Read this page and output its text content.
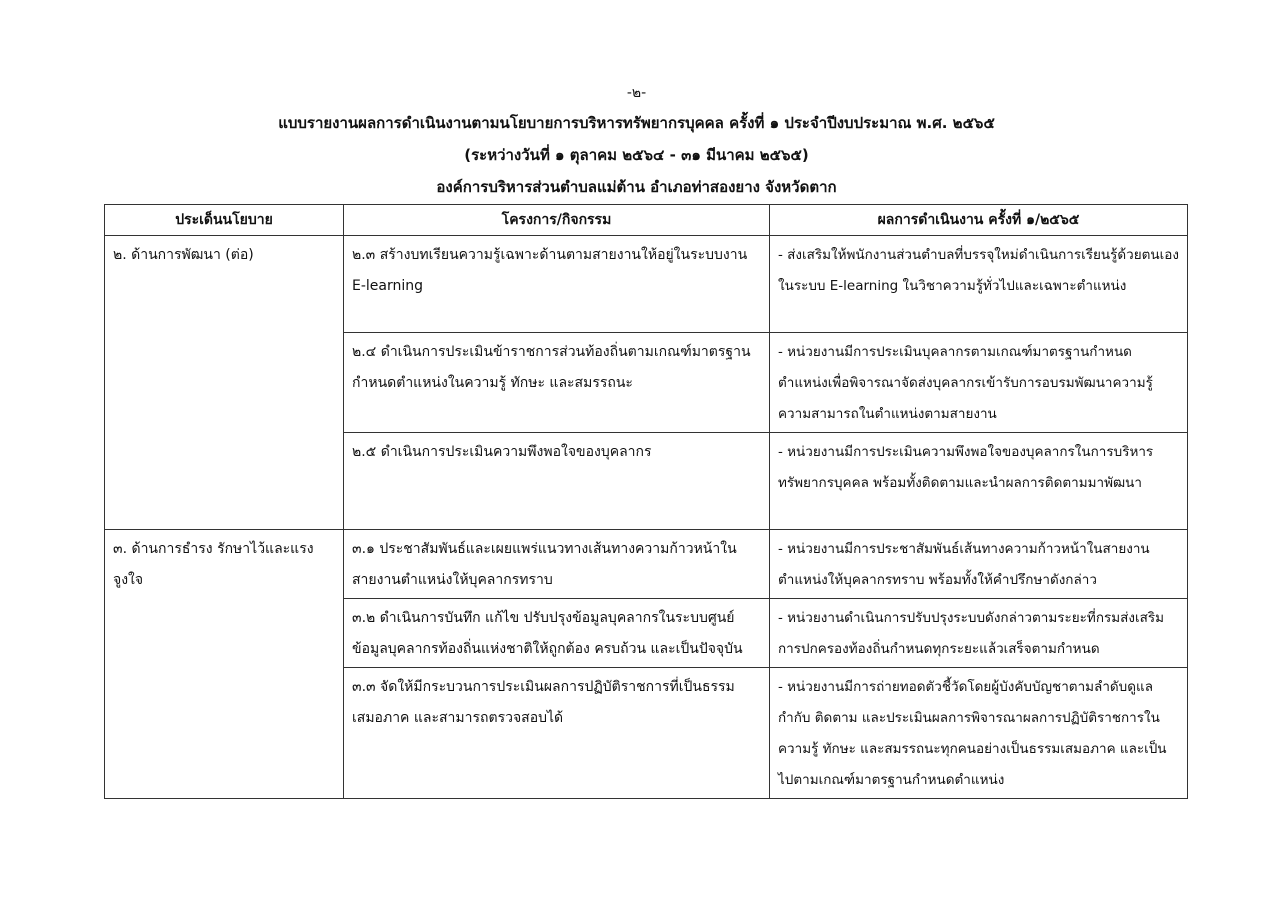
-๒-
แบบรายงานผลการดำเนินงานตามนโยบายการบริหารทรัพยากรบุคคล ครั้งที่ ๑ ประจำปีงบประมาณ พ.ศ. ๒๕๖๕
(ระหว่างวันที่ ๑ ตุลาคม ๒๕๖๔ - ๓๑ มีนาคม ๒๕๖๕)
องค์การบริหารส่วนตำบลแม่ต้าน อำเภอท่าสองยาง จังหวัดตาก
ประเด็นนโยบาย	โครงการ/กิจกรรม	ผลการดำเนินงาน ครั้งที่ ๑/๒๕๖๕
๒. ด้านการพัฒนา (ต่อ)	๒.๓ สร้างบทเรียนความรู้เฉพาะด้านตามสายงานให้อยู่ในระบบงาน E-learning	- ส่งเสริมให้พนักงานส่วนตำบลที่บรรจุใหม่ดำเนินการเรียนรู้ด้วยตนเองในระบบ E-learning ในวิชาความรู้ทั่วไปและเฉพาะตำแหน่ง
	๒.๔ ดำเนินการประเมินข้าราชการส่วนท้องถิ่นตามเกณฑ์มาตรฐานกำหนดตำแหน่งในความรู้ ทักษะ และสมรรถนะ	- หน่วยงานมีการประเมินบุคลากรตามเกณฑ์มาตรฐานกำหนดตำแหน่งเพื่อพิจารณาจัดส่งบุคลากรเข้ารับการอบรมพัฒนาความรู้ความสามารถในตำแหน่งตามสายงาน
	๒.๕ ดำเนินการประเมินความพึงพอใจของบุคลากร	- หน่วยงานมีการประเมินความพึงพอใจของบุคลากรในการบริหารทรัพยากรบุคคล พร้อมทั้งติดตามและนำผลการติดตามมาพัฒนา
๓. ด้านการธำรง รักษาไว้และแรงจูงใจ	๓.๑ ประชาสัมพันธ์และเผยแพร่แนวทางเส้นทางความก้าวหน้าในสายงานตำแหน่งให้บุคลากรทราบ	- หน่วยงานมีการประชาสัมพันธ์เส้นทางความก้าวหน้าในสายงานตำแหน่งให้บุคลากรทราบ พร้อมทั้งให้คำปรึกษาดังกล่าว
	๓.๒ ดำเนินการบันทึก แก้ไข ปรับปรุงข้อมูลบุคลากรในระบบศูนย์ข้อมูลบุคลากรท้องถิ่นแห่งชาติให้ถูกต้อง ครบถ้วน และเป็นปัจจุบัน	- หน่วยงานดำเนินการปรับปรุงระบบดังกล่าวตามระยะที่กรมส่งเสริมการปกครองท้องถิ่นกำหนดทุกระยะแล้วเสร็จตามกำหนด
	๓.๓ จัดให้มีกระบวนการประเมินผลการปฏิบัติราชการที่เป็นธรรมเสมอภาค และสามารถตรวจสอบได้	- หน่วยงานมีการถ่ายทอดตัวชี้วัดโดยผู้บังคับบัญชาตามลำดับดูแล กำกับ ติดตาม และประเมินผลการพิจารณาผลการปฏิบัติราชการในความรู้ ทักษะ และสมรรถนะทุกคนอย่างเป็นธรรมเสมอภาค และเป็นไปตามเกณฑ์มาตรฐานกำหนดตำแหน่ง
